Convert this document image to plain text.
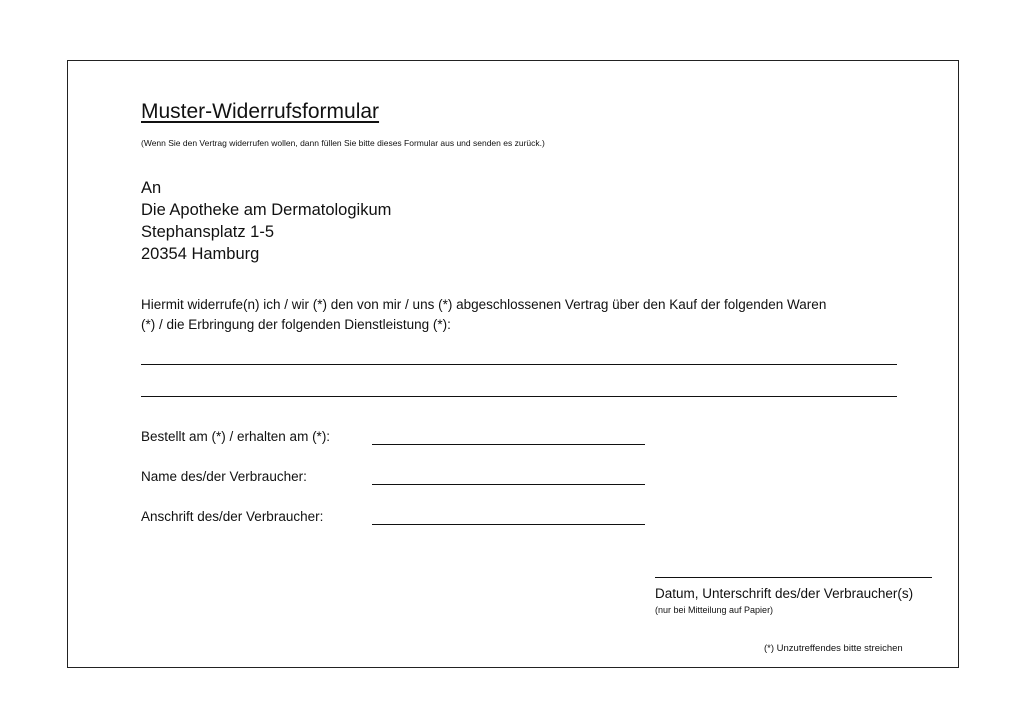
Muster-Widerrufsformular
(Wenn Sie den Vertrag widerrufen wollen, dann füllen Sie bitte dieses Formular aus und senden es zurück.)
An
Die Apotheke am Dermatologikum
Stephansplatz 1-5
20354 Hamburg
Hiermit widerrufe(n) ich / wir (*) den von mir / uns (*) abgeschlossenen Vertrag über den Kauf der folgenden Waren
(*) / die Erbringung der folgenden Dienstleistung (*):
Bestellt am (*) / erhalten am (*):
Name des/der Verbraucher:
Anschrift des/der Verbraucher:
Datum, Unterschrift des/der Verbraucher(s)
(nur bei Mitteilung auf Papier)
(*) Unzutreffendes bitte streichen
